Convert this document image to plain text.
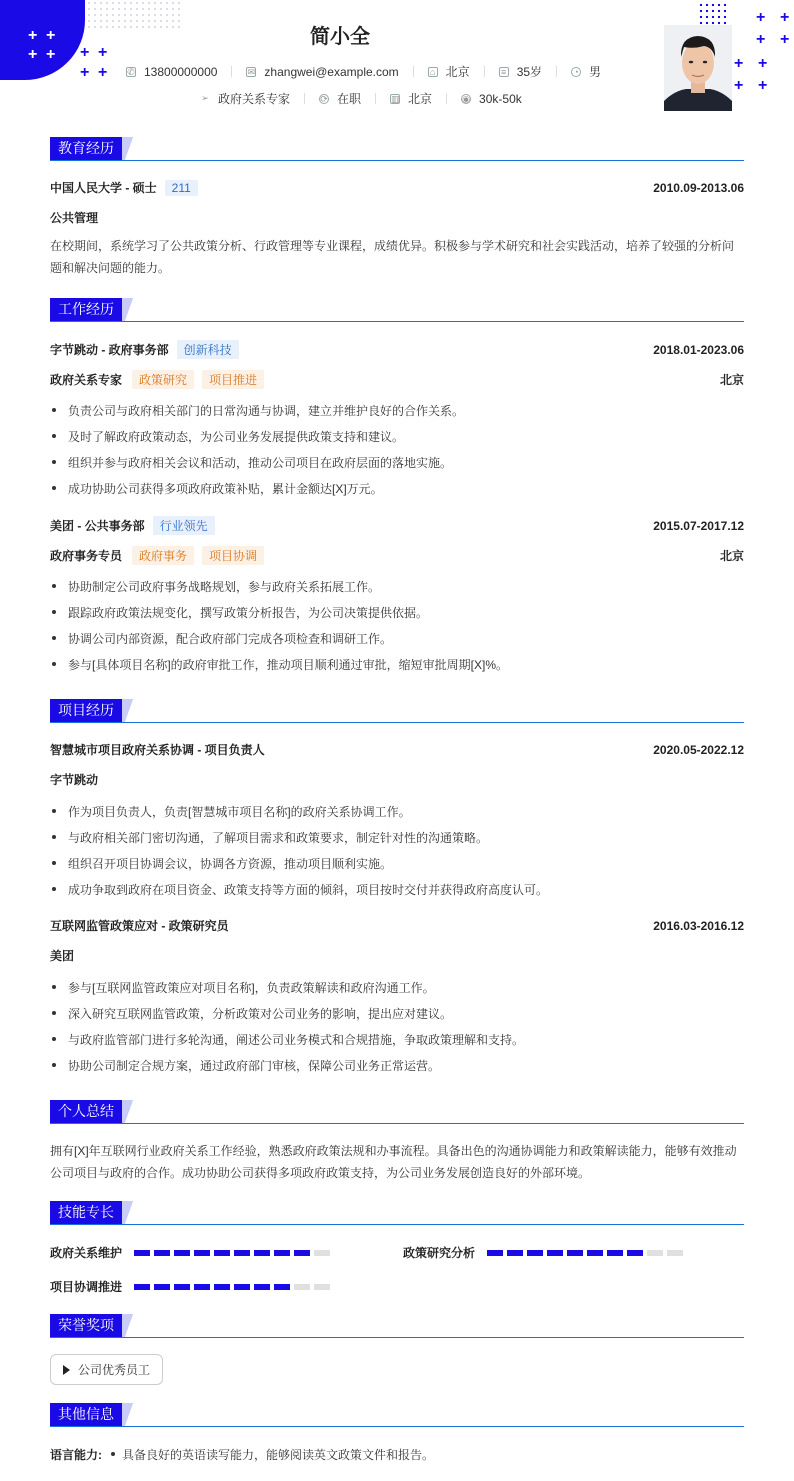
+ +
+ + + +
+ +
+ +
+ +
+ +
+ +
简小全
✆ 13800000000	✉ zhangwei@example.com	⌂ 北京	≡ 35岁	◔ 男
➢ 政府关系专家	⟳ 在职	▥ 北京	◉ 30k-50k
教育经历
中国人民大学 - 硕士	211	2010.09-2013.06
公共管理
在校期间，系统学习了公共政策分析、行政管理等专业课程，成绩优异。积极参与学术研究和社会实践活动，培养了较强的分析问题和解决问题的能力。
工作经历
字节跳动 - 政府事务部	创新科技	2018.01-2023.06
政府关系专家	政策研究	项目推进	北京
负责公司与政府相关部门的日常沟通与协调，建立并维护良好的合作关系。
及时了解政府政策动态，为公司业务发展提供政策支持和建议。
组织并参与政府相关会议和活动，推动公司项目在政府层面的落地实施。
成功协助公司获得多项政府政策补贴，累计金额达[X]万元。
美团 - 公共事务部	行业领先	2015.07-2017.12
政府事务专员	政府事务	项目协调	北京
协助制定公司政府事务战略规划，参与政府关系拓展工作。
跟踪政府政策法规变化，撰写政策分析报告，为公司决策提供依据。
协调公司内部资源，配合政府部门完成各项检查和调研工作。
参与[具体项目名称]的政府审批工作，推动项目顺利通过审批，缩短审批周期[X]%。
项目经历
智慧城市项目政府关系协调 - 项目负责人	2020.05-2022.12
字节跳动
作为项目负责人，负责[智慧城市项目名称]的政府关系协调工作。
与政府相关部门密切沟通，了解项目需求和政策要求，制定针对性的沟通策略。
组织召开项目协调会议，协调各方资源，推动项目顺利实施。
成功争取到政府在项目资金、政策支持等方面的倾斜，项目按时交付并获得政府高度认可。
互联网监管政策应对 - 政策研究员	2016.03-2016.12
美团
参与[互联网监管政策应对项目名称]，负责政策解读和政府沟通工作。
深入研究互联网监管政策，分析政策对公司业务的影响，提出应对建议。
与政府监管部门进行多轮沟通，阐述公司业务模式和合规措施，争取政策理解和支持。
协助公司制定合规方案，通过政府部门审核，保障公司业务正常运营。
个人总结
拥有[X]年互联网行业政府关系工作经验，熟悉政府政策法规和办事流程。具备出色的沟通协调能力和政策解读能力，能够有效推动公司项目与政府的合作。成功协助公司获得多项政府政策支持，为公司业务发展创造良好的外部环境。
技能专长
政府关系维护	政策研究分析
项目协调推进
荣誉奖项
公司优秀员工
其他信息
语言能力:	具备良好的英语读写能力，能够阅读英文政策文件和报告。
